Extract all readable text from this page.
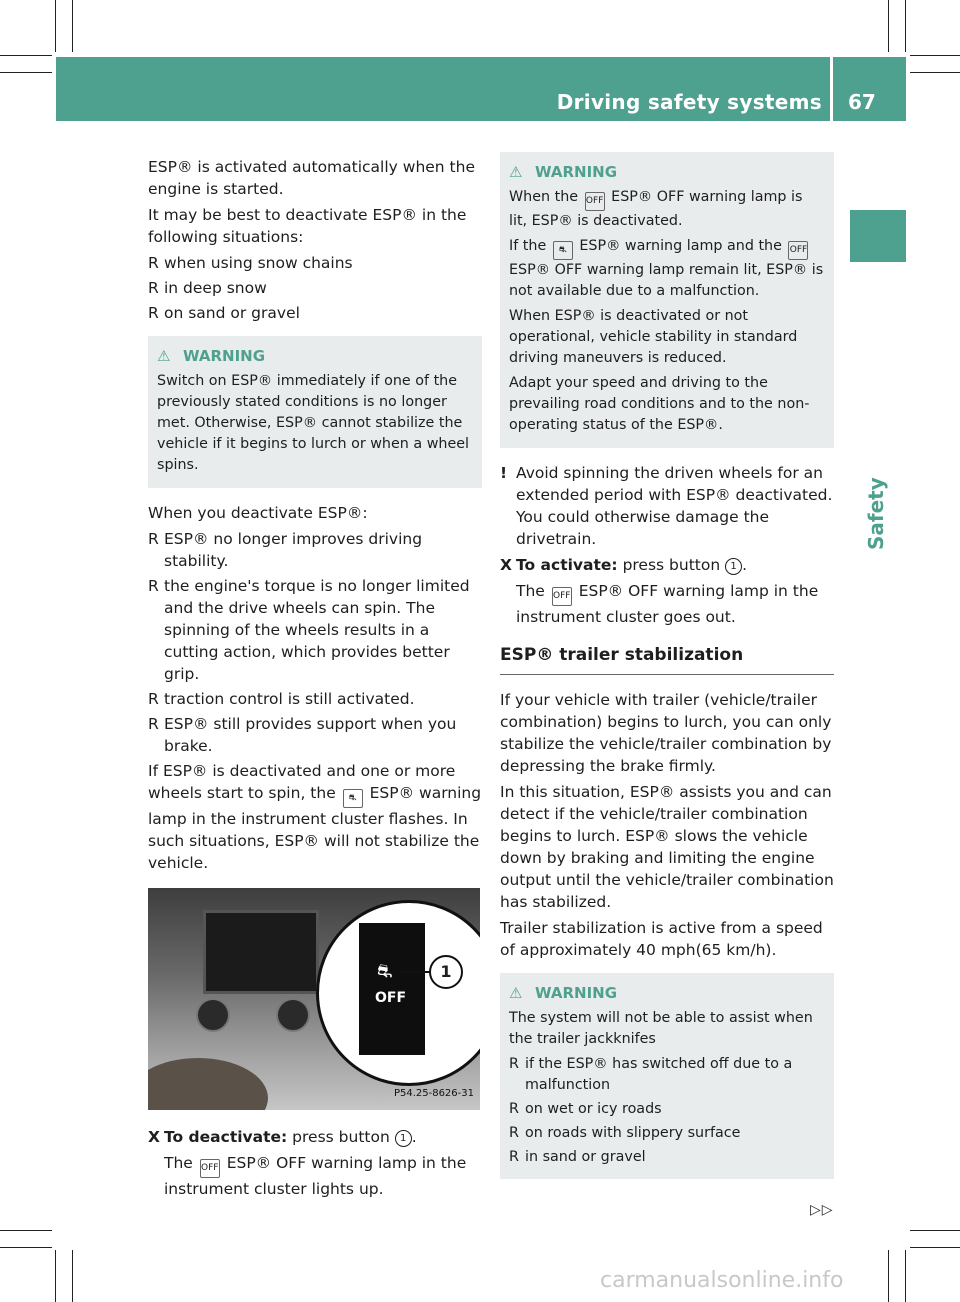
Driving safety systems 67
Safety

ESP® is activated automatically when the engine is started.

It may be best to deactivate ESP® in the following situations:

R when using snow chains
R in deep snow
R on sand or gravel
⚠ WARNING

Switch on ESP® immediately if one of the previously stated conditions is no longer met. Otherwise, ESP® cannot stabilize the vehicle if it begins to lurch or when a wheel spins.

When you deactivate ESP®:

R ESP® no longer improves driving stability.
R the engine's torque is no longer limited and the drive wheels can spin. The spinning of the wheels results in a cutting action, which provides better grip.
R traction control is still activated.
R ESP® still provides support when you brake.

If ESP® is deactivated and one or more wheels start to spin, the ⛐ ESP® warning lamp in the instrument cluster flashes. In such situations, ESP® will not stabilize the vehicle.

⛐
OFF
1
P54.25-8626-31
X To deactivate: press button 1 .
The OFF ESP® OFF warning lamp in the instrument cluster lights up.
⚠ WARNING

When the OFF ESP® OFF warning lamp is lit, ESP® is deactivated.

If the ⛐ ESP® warning lamp and the OFF ESP® OFF warning lamp remain lit, ESP® is not available due to a malfunction.

When ESP® is deactivated or not operational, vehicle stability in standard driving maneuvers is reduced.

Adapt your speed and driving to the prevailing road conditions and to the non-operating status of the ESP®.

! Avoid spinning the driven wheels for an extended period with ESP® deactivated. You could otherwise damage the drivetrain.
X To activate: press button 1 .
The OFF ESP® OFF warning lamp in the instrument cluster goes out.
ESP® trailer stabilization

If your vehicle with trailer (vehicle/trailer combination) begins to lurch, you can only stabilize the vehicle/trailer combination by depressing the brake firmly.

In this situation, ESP® assists you and can detect if the vehicle/trailer combination begins to lurch. ESP® slows the vehicle down by braking and limiting the engine output until the vehicle/trailer combination has stabilized.

Trailer stabilization is active from a speed of approximately 40 mph(65 km/h).

⚠ WARNING

The system will not be able to assist when the trailer jackknifes

R if the ESP® has switched off due to a malfunction
R on wet or icy roads
R on roads with slippery surface
R in sand or gravel
▷▷
carmanualsonline.info
